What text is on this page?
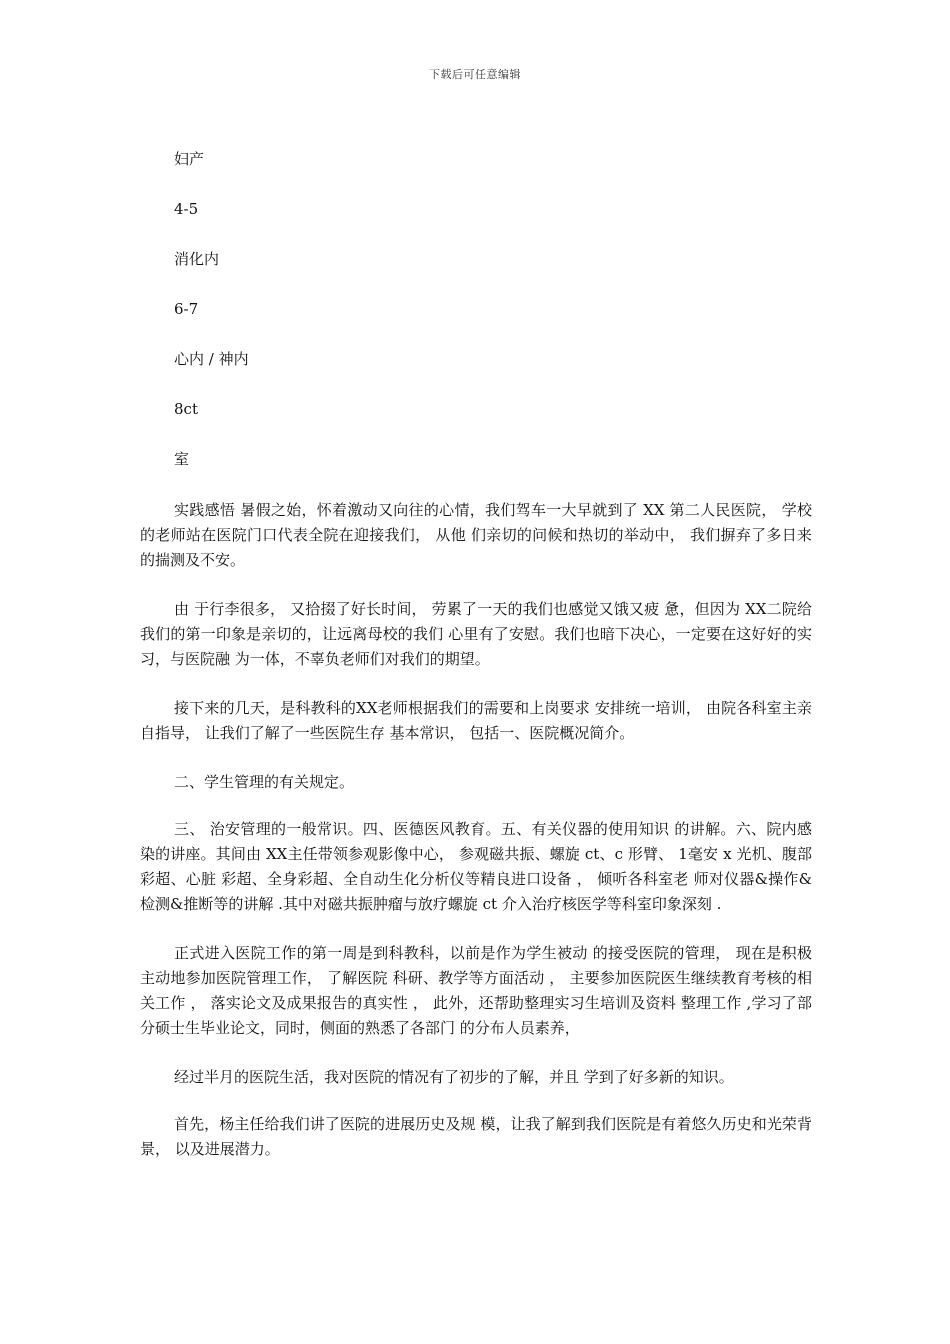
下载后可任意编辑
妇产
4-5
消化内
6-7
心内 / 神内
8ct
室

实践感悟 暑假之始，怀着激动又向往的心情，我们驾车一大早就到了 XX 第二人民医院， 学校的老师站在医院门口代表全院在迎接我们， 从他 们亲切的问候和热切的举动中， 我们摒弃了多日来的揣测及不安。

由 于行李很多， 又拾掇了好长时间， 劳累了一天的我们也感觉又饿又疲 惫，但因为 XX二院给我们的第一印象是亲切的，让远离母校的我们 心里有了安慰。我们也暗下决心，一定要在这好好的实习，与医院融 为一体，不辜负老师们对我们的期望。

接下来的几天，是科教科的XX老师根据我们的需要和上岗要求 安排统一培训， 由院各科室主亲自指导， 让我们了解了一些医院生存 基本常识， 包括一、医院概况简介。

二、学生管理的有关规定。

三、 治安管理的一般常识。四、医德医风教育。五、有关仪器的使用知识 的讲解。六、院内感染的讲座。其间由 XX主任带领参观影像中心， 参观磁共振、螺旋 ct、c 形臂、 1毫安 x 光机、腹部彩超、心脏 彩超、全身彩超、全自动生化分析仪等精良进口设备 ， 倾听各科室老 师对仪器&操作&检测&推断等的讲解 .其中对磁共振肿瘤与放疗螺旋 ct 介入治疗核医学等科室印象深刻 .

正式进入医院工作的第一周是到科教科，以前是作为学生被动 的接受医院的管理， 现在是积极主动地参加医院管理工作， 了解医院 科研、教学等方面活动 ， 主要参加医院医生继续教育考核的相关工作 ， 落实论文及成果报告的真实性 ， 此外，还帮助整理实习生培训及资料 整理工作 ,学习了部分硕士生毕业论文，同时，侧面的熟悉了各部门 的分布人员素养，

经过半月的医院生活，我对医院的情况有了初步的了解，并且 学到了好多新的知识。

首先，杨主任给我们讲了医院的进展历史及规 模，让我了解到我们医院是有着悠久历史和光荣背景， 以及进展潜力。
